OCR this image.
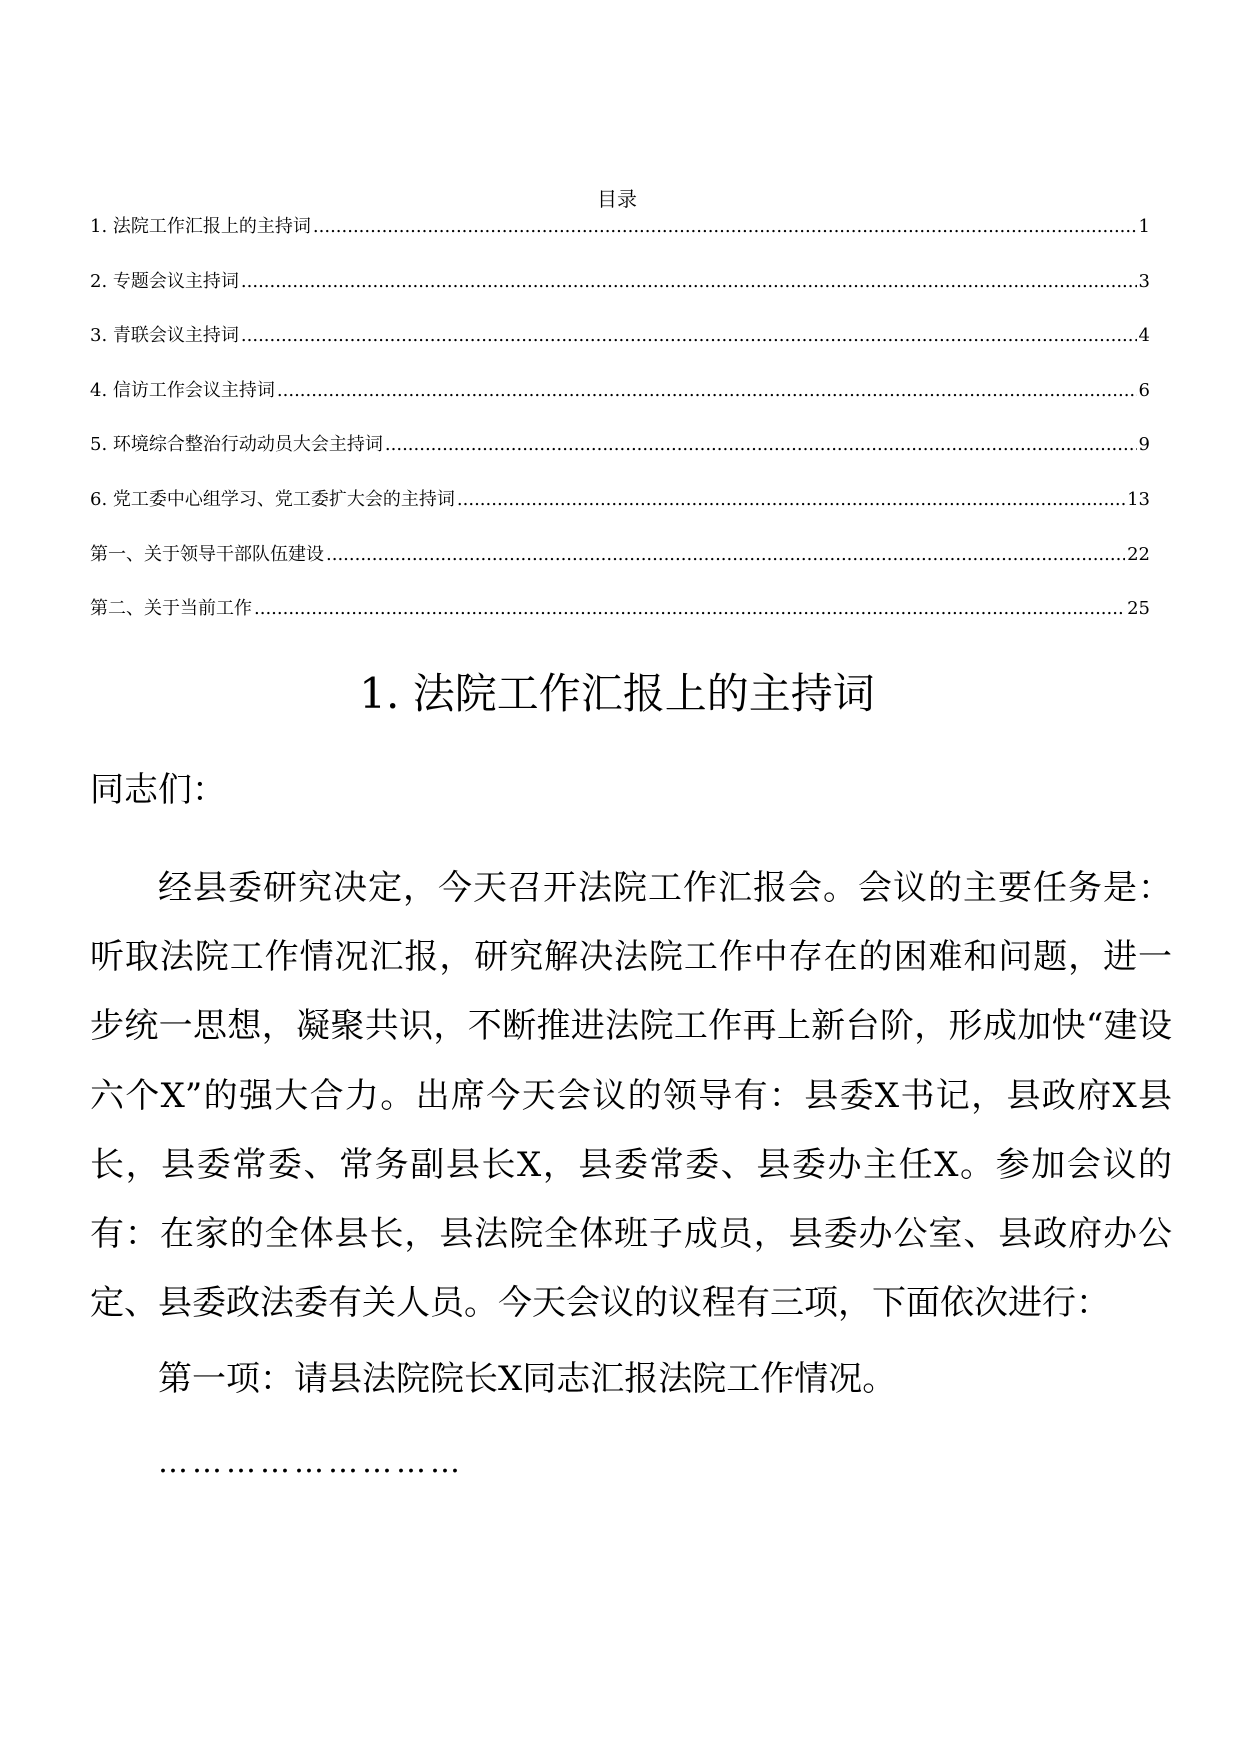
目录
1. 法院工作汇报上的主持词 .....	1
2. 专题会议主持词 .....	3
3. 青联会议主持词 .....	4
4. 信访工作会议主持词 .....	6
5. 环境综合整治行动动员大会主持词 .....	9
6. 党工委中心组学习、党工委扩大会的主持词 .....	13
第一、关于领导干部队伍建设 .....	22
第二、关于当前工作 .....	25
1. 法院工作汇报上的主持词
同志们：
经县委研究决定，今天召开法院工作汇报会。会议的主要任务是：听取法院工作情况汇报，研究解决法院工作中存在的困难和问题，进一步统一思想，凝聚共识，不断推进法院工作再上新台阶，形成加快“建设六个X”的强大合力。出席今天会议的领导有：县委X书记，县政府X县长，县委常委、常务副县长X，县委常委、县委办主任X。参加会议的有：在家的全体县长，县法院全体班子成员，县委办公室、县政府办公定、县委政法委有关人员。今天会议的议程有三项，下面依次进行：
第一项：请县法院院长X同志汇报法院工作情况。
………………………
